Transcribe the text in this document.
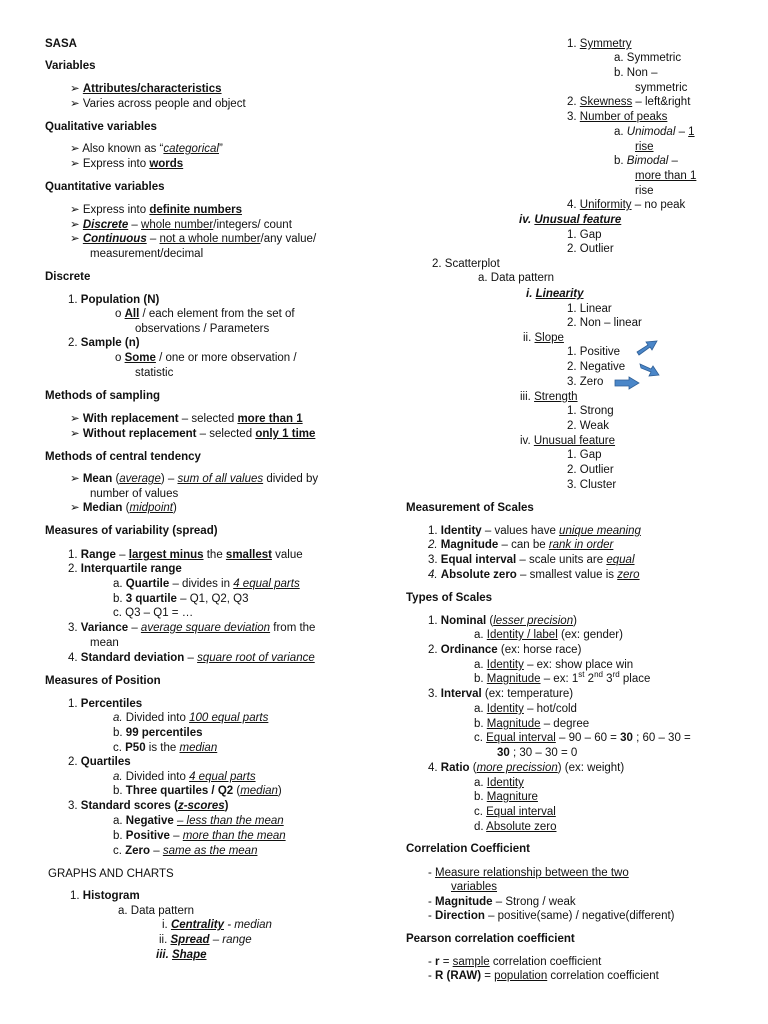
SASA
Variables
➢ Attributes/characteristics
➢ Varies across people and object
Qualitative variables
➢ Also known as “categorical”
➢ Express into words
Quantitative variables
➢ Express into definite numbers
➢ Discrete – whole number/integers/ count
➢ Continuous – not a whole number/any value/
measurement/decimal
Discrete
1. Population (N)
o All / each element from the set of
observations / Parameters
2. Sample (n)
o Some / one or more observation /
statistic
Methods of sampling
➢ With replacement – selected more than 1
➢ Without replacement – selected only 1 time
Methods of central tendency
➢ Mean (average) – sum of all values divided by
number of values
➢ Median (midpoint)
Measures of variability (spread)
1. Range – largest minus the smallest value
2. Interquartile range
a. Quartile – divides in 4 equal parts
b. 3 quartile – Q1, Q2, Q3
c. Q3 – Q1 = …
3. Variance – average square deviation from the
mean
4. Standard deviation – square root of variance
Measures of Position
1. Percentiles
a. Divided into 100 equal parts
b. 99 percentiles
c. P50 is the median
2. Quartiles
a. Divided into 4 equal parts
b. Three quartiles / Q2 (median)
3. Standard scores (z-scores)
a. Negative – less than the mean
b. Positive – more than the mean
c. Zero – same as the mean
GRAPHS AND CHARTS
1. Histogram
a. Data pattern
i. Centrality - median
ii. Spread – range
iii. Shape
1. Symmetry
a. Symmetric
b. Non –
symmetric
2. Skewness – left&right
3. Number of peaks
a. Unimodal – 1
rise
b. Bimodal –
more than 1
rise
4. Uniformity – no peak
iv. Unusual feature
1. Gap
2. Outlier
2. Scatterplot
a. Data pattern
i. Linearity
1. Linear
2. Non – linear
ii. Slope
1. Positive
2. Negative
3. Zero
iii. Strength
1. Strong
2. Weak
iv. Unusual feature
1. Gap
2. Outlier
3. Cluster
Measurement of Scales
1. Identity – values have unique meaning
2. Magnitude – can be rank in order
3. Equal interval – scale units are equal
4. Absolute zero – smallest value is zero
Types of Scales
1. Nominal (lesser precision)
a. Identity / label (ex: gender)
2. Ordinance (ex: horse race)
a. Identity – ex: show place win
b. Magnitude – ex: 1st 2nd 3rd place
3. Interval (ex: temperature)
a. Identity – hot/cold
b. Magnitude – degree
c. Equal interval – 90 – 60 = 30 ; 60 – 30 =
30 ; 30 – 30 = 0
4. Ratio (more precission) (ex: weight)
a. Identity
b. Magniture
c. Equal interval
d. Absolute zero
Correlation Coefficient
- Measure relationship between the two
variables
- Magnitude – Strong / weak
- Direction – positive(same) / negative(different)
Pearson correlation coefficient
- r = sample correlation coefficient
- R (RAW) = population correlation coefficient
